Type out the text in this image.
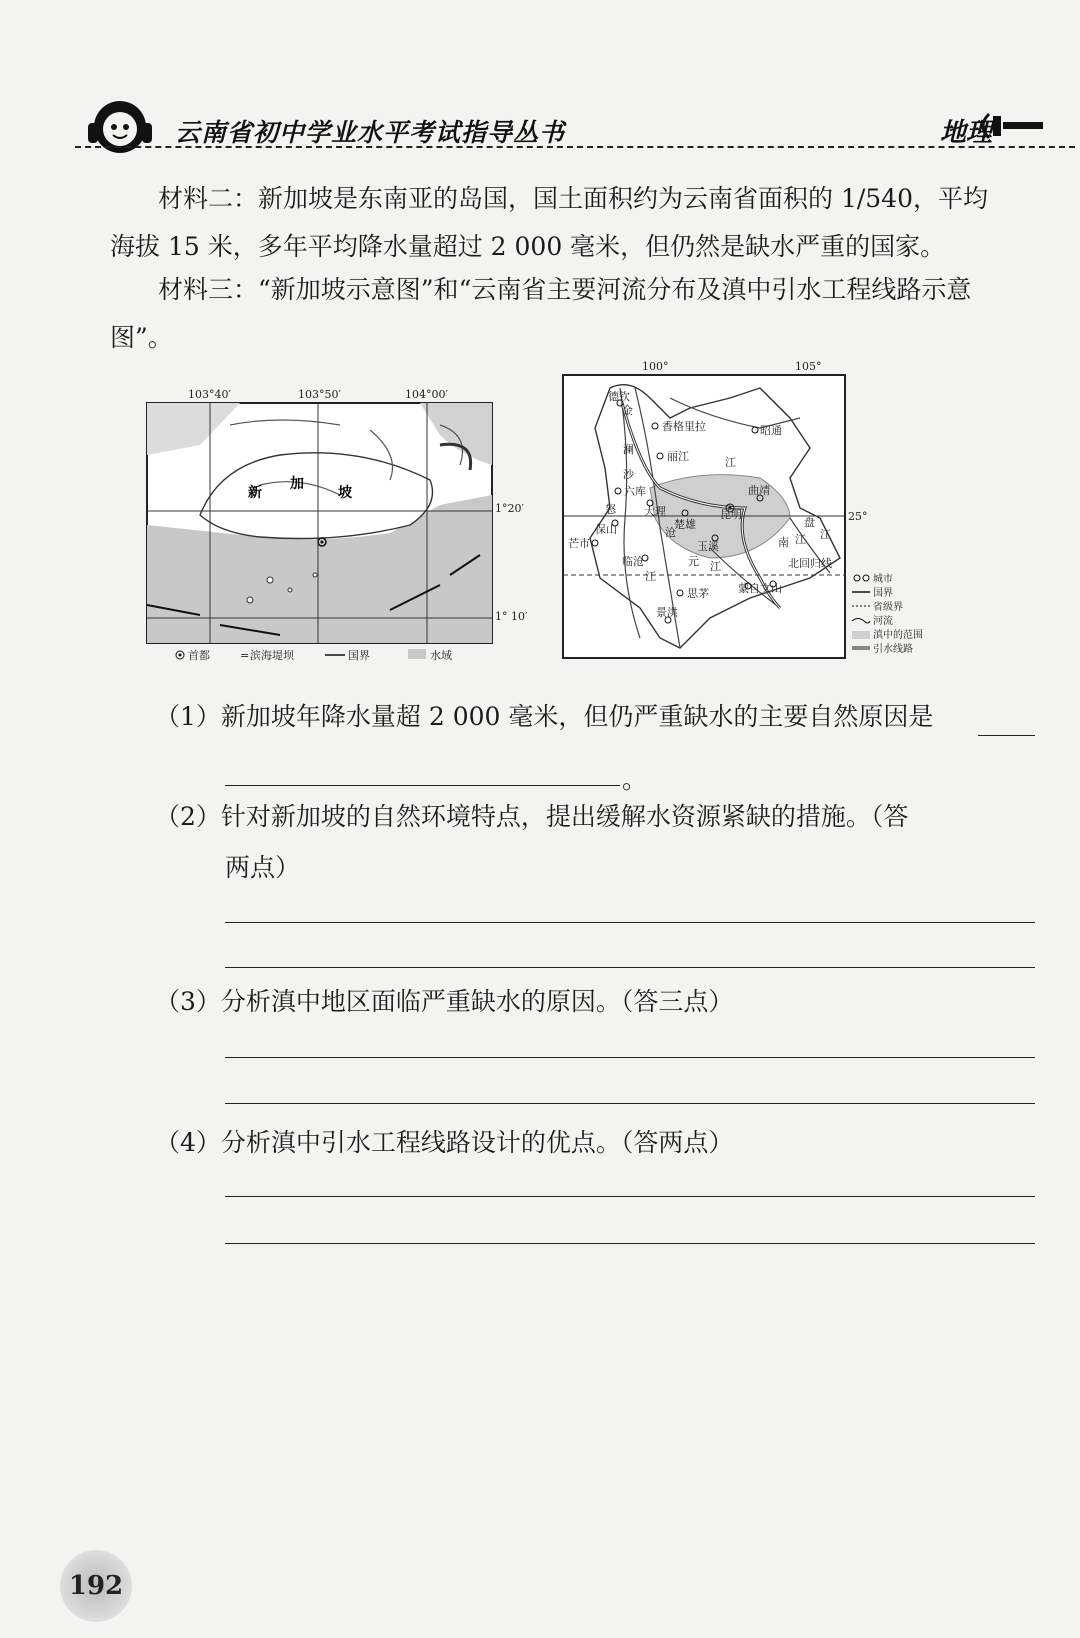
云南省初中学业水平考试指导丛书	地理
材料二：新加坡是东南亚的岛国，国土面积约为云南省面积的 1/540，平均海拔 15 米，多年平均降水量超过 2 000 毫米，但仍然是缺水严重的国家。
材料三：“新加坡示意图”和“云南省主要河流分布及滇中引水工程线路示意图”。
103°40′	103°50′	104°00′
新
加
坡
1°20′
1° 10′
首都	= 滨海堤坝	国界	水域
100°	105°
25°
北回归线
德钦
香格里拉
丽江
昭通
六库
大理
曲靖
昆明
楚雄
玉溪
保山
芒市
临沧
思茅
景洪
蒙自 文山
金
江
沙
澜
沧
江
江
怒
元
江
南
盘
江
城市
国界
省级界
河流
滇中的范围
引水线路
（1）新加坡年降水量超 2 000 毫米，但仍严重缺水的主要自然原因是
。
（2）针对新加坡的自然环境特点，提出缓解水资源紧缺的措施。（答
两点）
（3）分析滇中地区面临严重缺水的原因。（答三点）
（4）分析滇中引水工程线路设计的优点。（答两点）
192
